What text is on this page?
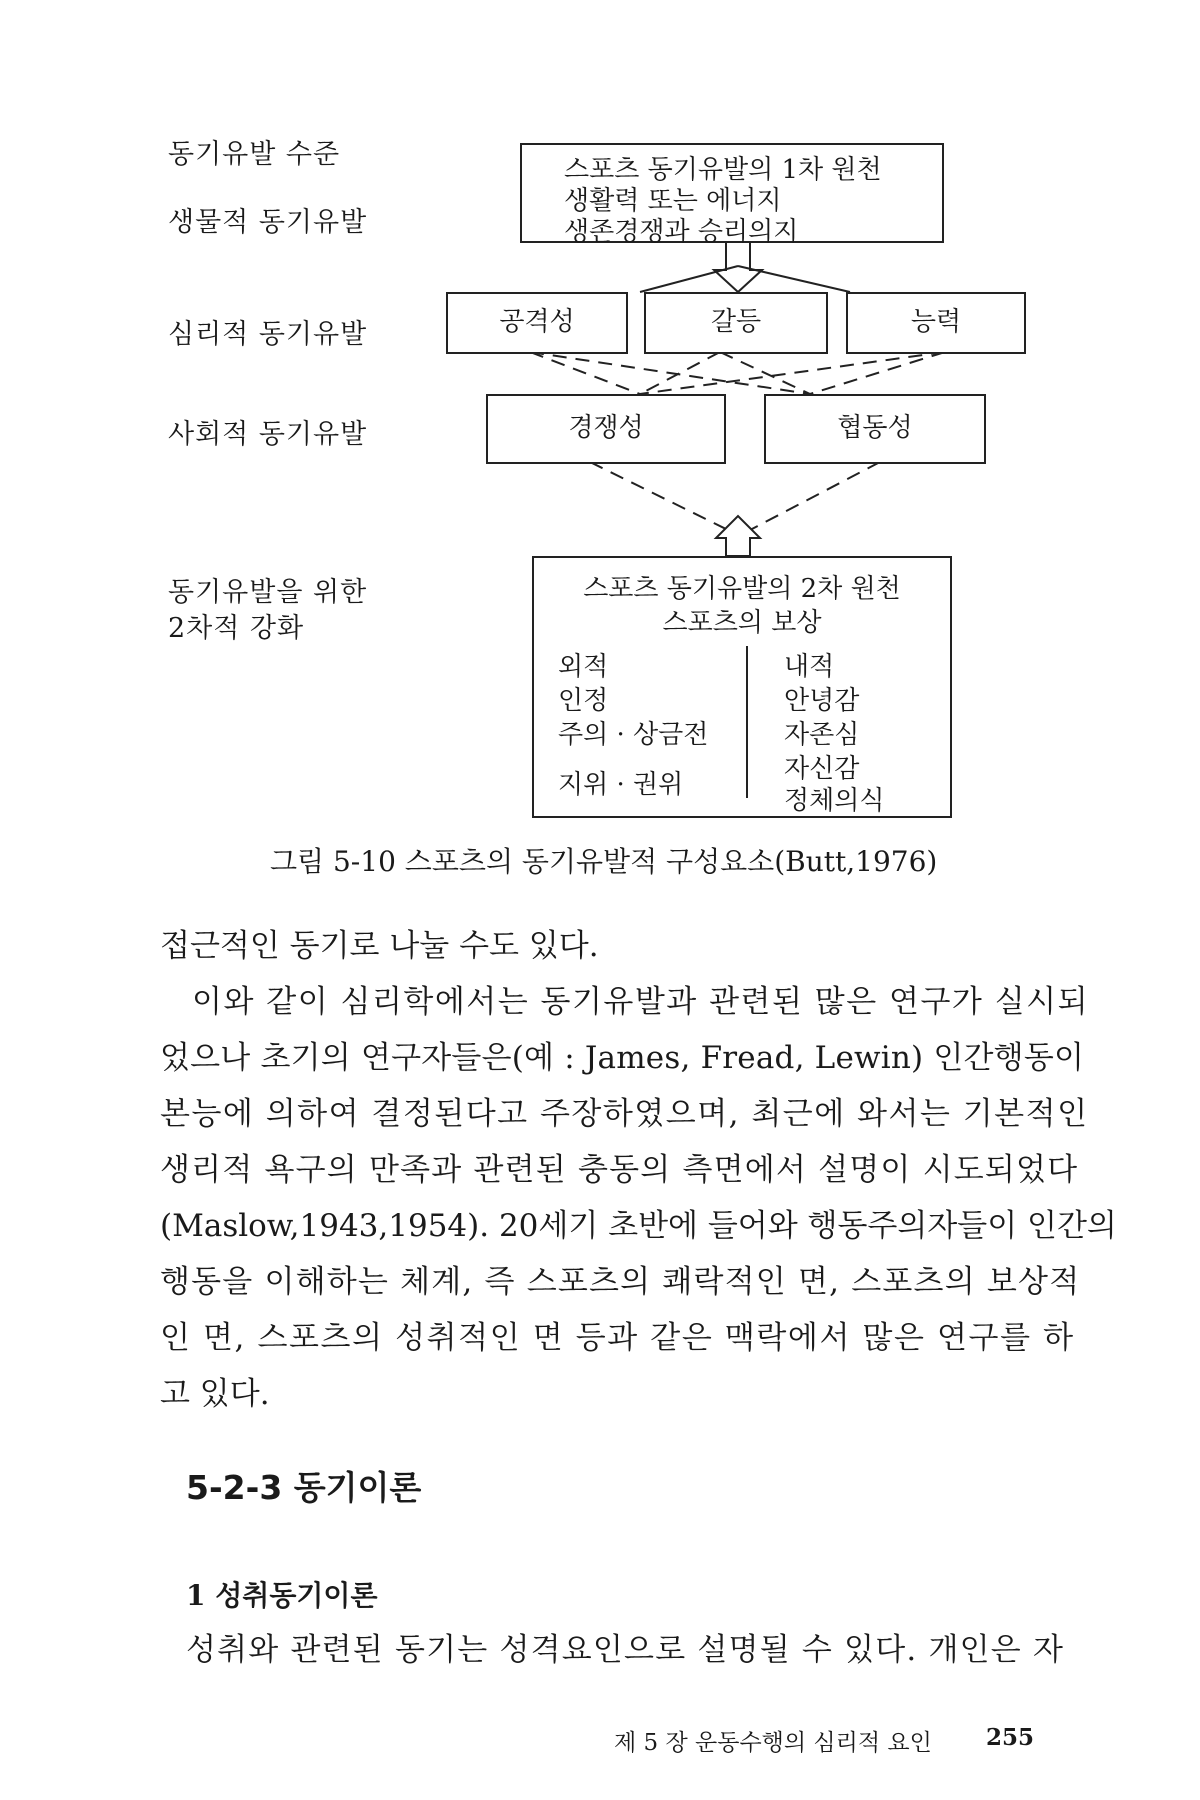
동기유발 수준
생물적 동기유발
심리적 동기유발
사회적 동기유발
동기유발을 위한
2차적 강화
스포츠 동기유발의 1차 원천
생활력 또는 에너지
생존경쟁과 승리의지
공격성	갈등	능력
경쟁성	협동성
스포츠 동기유발의 2차 원천
스포츠의 보상
외적
인정
주의 · 상금전
지위 · 권위
내적
안녕감
자존심
자신감
정체의식
그림 5-10 스포츠의 동기유발적 구성요소(Butt,1976)
접근적인 동기로 나눌 수도 있다.
이와 같이 심리학에서는 동기유발과 관련된 많은 연구가 실시되
었으나 초기의 연구자들은(예 : James, Fread, Lewin) 인간행동이
본능에 의하여 결정된다고 주장하였으며, 최근에 와서는 기본적인
생리적 욕구의 만족과 관련된 충동의 측면에서 설명이 시도되었다
(Maslow,1943,1954). 20세기 초반에 들어와 행동주의자들이 인간의
행동을 이해하는 체계, 즉 스포츠의 쾌락적인 면, 스포츠의 보상적
인 면, 스포츠의 성취적인 면 등과 같은 맥락에서 많은 연구를 하
고 있다.
5-2-3 동기이론
1 성취동기이론
성취와 관련된 동기는 성격요인으로 설명될 수 있다. 개인은 자
제 5 장 운동수행의 심리적 요인 255
